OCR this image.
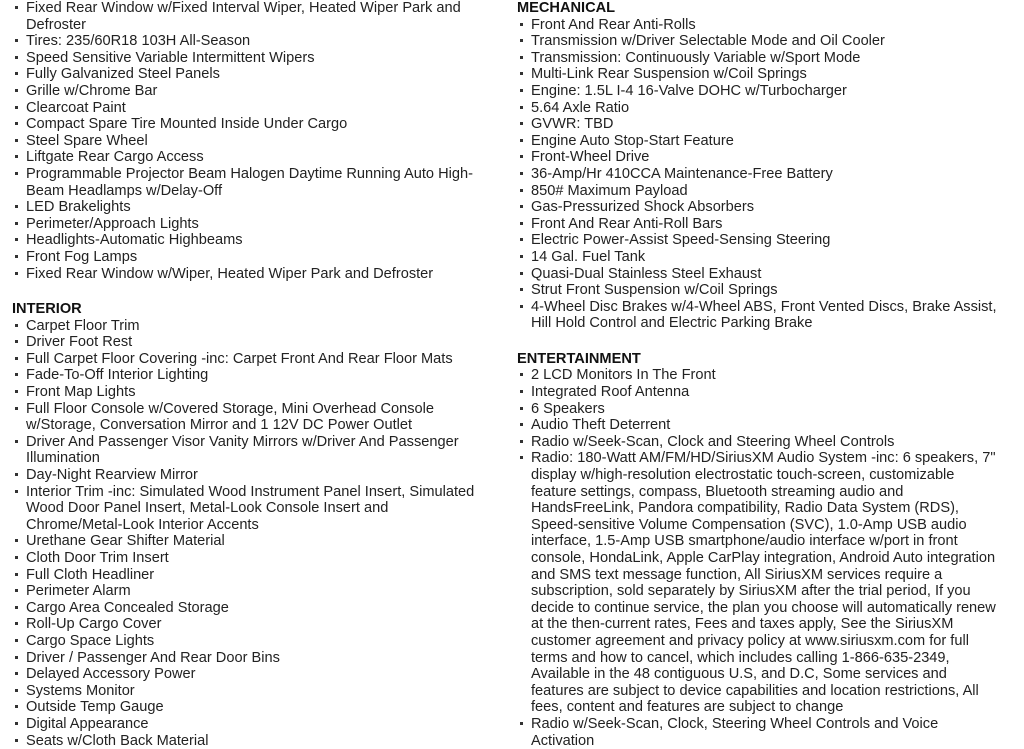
Fixed Rear Window w/Fixed Interval Wiper, Heated Wiper Park and Defroster
Tires: 235/60R18 103H All-Season
Speed Sensitive Variable Intermittent Wipers
Fully Galvanized Steel Panels
Grille w/Chrome Bar
Clearcoat Paint
Compact Spare Tire Mounted Inside Under Cargo
Steel Spare Wheel
Liftgate Rear Cargo Access
Programmable Projector Beam Halogen Daytime Running Auto High-Beam Headlamps w/Delay-Off
LED Brakelights
Perimeter/Approach Lights
Headlights-Automatic Highbeams
Front Fog Lamps
Fixed Rear Window w/Wiper, Heated Wiper Park and Defroster
INTERIOR
Carpet Floor Trim
Driver Foot Rest
Full Carpet Floor Covering -inc: Carpet Front And Rear Floor Mats
Fade-To-Off Interior Lighting
Front Map Lights
Full Floor Console w/Covered Storage, Mini Overhead Console w/Storage, Conversation Mirror and 1 12V DC Power Outlet
Driver And Passenger Visor Vanity Mirrors w/Driver And Passenger Illumination
Day-Night Rearview Mirror
Interior Trim -inc: Simulated Wood Instrument Panel Insert, Simulated Wood Door Panel Insert, Metal-Look Console Insert and Chrome/Metal-Look Interior Accents
Urethane Gear Shifter Material
Cloth Door Trim Insert
Full Cloth Headliner
Perimeter Alarm
Cargo Area Concealed Storage
Roll-Up Cargo Cover
Cargo Space Lights
Driver / Passenger And Rear Door Bins
Delayed Accessory Power
Systems Monitor
Outside Temp Gauge
Digital Appearance
Seats w/Cloth Back Material
MECHANICAL
Front And Rear Anti-Rolls
Transmission w/Driver Selectable Mode and Oil Cooler
Transmission: Continuously Variable w/Sport Mode
Multi-Link Rear Suspension w/Coil Springs
Engine: 1.5L I-4 16-Valve DOHC w/Turbocharger
5.64 Axle Ratio
GVWR: TBD
Engine Auto Stop-Start Feature
Front-Wheel Drive
36-Amp/Hr 410CCA Maintenance-Free Battery
850# Maximum Payload
Gas-Pressurized Shock Absorbers
Front And Rear Anti-Roll Bars
Electric Power-Assist Speed-Sensing Steering
14 Gal. Fuel Tank
Quasi-Dual Stainless Steel Exhaust
Strut Front Suspension w/Coil Springs
4-Wheel Disc Brakes w/4-Wheel ABS, Front Vented Discs, Brake Assist, Hill Hold Control and Electric Parking Brake
ENTERTAINMENT
2 LCD Monitors In The Front
Integrated Roof Antenna
6 Speakers
Audio Theft Deterrent
Radio w/Seek-Scan, Clock and Steering Wheel Controls
Radio: 180-Watt AM/FM/HD/SiriusXM Audio System -inc: 6 speakers, 7" display w/high-resolution electrostatic touch-screen, customizable feature settings, compass, Bluetooth streaming audio and HandsFreeLink, Pandora compatibility, Radio Data System (RDS), Speed-sensitive Volume Compensation (SVC), 1.0-Amp USB audio interface, 1.5-Amp USB smartphone/audio interface w/port in front console, HondaLink, Apple CarPlay integration, Android Auto integration and SMS text message function, All SiriusXM services require a subscription, sold separately by SiriusXM after the trial period, If you decide to continue service, the plan you choose will automatically renew at the then-current rates, Fees and taxes apply, See the SiriusXM customer agreement and privacy policy at www.siriusxm.com for full terms and how to cancel, which includes calling 1-866-635-2349, Available in the 48 contiguous U.S, and D.C, Some services and features are subject to device capabilities and location restrictions, All fees, content and features are subject to change
Radio w/Seek-Scan, Clock, Steering Wheel Controls and Voice Activation
